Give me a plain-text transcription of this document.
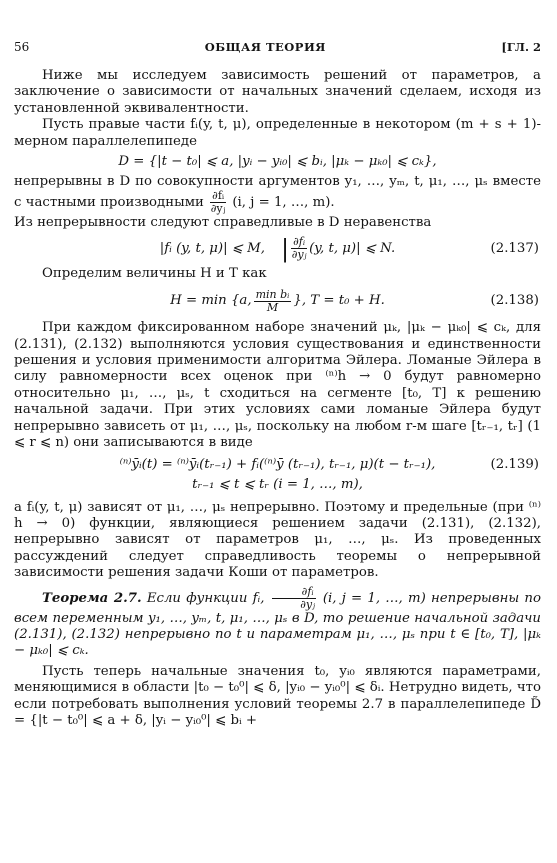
56	ОБЩАЯ ТЕОРИЯ	[ГЛ. 2

Ниже мы исследуем зависимость решений от параметров, а заключение о зависимости от начальных значений сделаем, исходя из установленной эквивалентности.

Пусть правые части fᵢ(y, t, μ), определенные в некотором (m + s + 1)-мерном параллелепипеде

D = {|t − t₀| ⩽ a, |yᵢ − yᵢ₀| ⩽ bᵢ, |μₖ − μₖ₀| ⩽ cₖ},

непрерывны в D по совокупности аргументов y₁, …, yₘ, t, μ₁, …, μₛ вместе с частными производными $\frac{\text{∂fᵢ}}{\text{∂yⱼ}} (i$, j = 1, …, m).

Из непрерывности следуют справедливые в D неравенства

|fᵢ (y, t, μ)| ⩽ M, | $\frac{\text{∂fᵢ}}{\text{∂yⱼ}} (y$, t, μ)| ⩽ N.	(2.137)

Определим величины H и T как

H = min {a, $\frac{\text{min bᵢ}}{M}$ }, T = t₀ + H.	(2.138)

При каждом фиксированном наборе значений μₖ, |μₖ − μₖ₀| ⩽ cₖ, для (2.131), (2.132) выполняются условия существования и единственности решения и условия применимости алгоритма Эйлера. Ломаные Эйлера в силу равномерности всех оценок при ⁽ⁿ⁾h → 0 будут равномерно относительно μ₁, …, μₛ, t сходиться на сегменте [t₀, T] к решению начальной задачи. При этих условиях сами ломаные Эйлера будут непрерывно зависеть от μ₁, …, μₛ, поскольку на любом r-м шаге [tᵣ₋₁, tᵣ] (1 ⩽ r ⩽ n) они записываются в виде

⁽ⁿ⁾ȳᵢ(t) = ⁽ⁿ⁾ȳᵢ(tᵣ₋₁) + fᵢ(⁽ⁿ⁾ȳ (tᵣ₋₁), tᵣ₋₁, μ)(t − tᵣ₋₁),	(2.139)
tᵣ₋₁ ⩽ t ⩽ tᵣ (i = 1, …, m),

а fᵢ(y, t, μ) зависят от μ₁, …, μₛ непрерывно. Поэтому и предельные (при ⁽ⁿ⁾h → 0) функции, являющиеся решением задачи (2.131), (2.132), непрерывно зависят от параметров μ₁, …, μₛ. Из проведенных рассуждений следует справедливость теоремы о непрерывной зависимости решения задачи Коши от параметров.

Теорема 2.7. Если функции fᵢ, $\frac{\text{∂fᵢ}}{\text{∂yⱼ}} (i$, j = 1, …, m) непрерывны по всем переменным y₁, …, yₘ, t, μ₁, …, μₛ в D, то решение начальной задачи (2.131), (2.132) непрерывно по t и параметрам μ₁, …, μₛ при t ∈ [t₀, T], |μₖ − μₖ₀| ⩽ cₖ.

Пусть теперь начальные значения t₀, yᵢ₀ являются параметрами, меняющимися в области |t₀ − t₀⁰| ⩽ δ, |yᵢ₀ − yᵢ₀⁰| ⩽ δᵢ. Нетрудно видеть, что если потребовать выполнения условий теоремы 2.7 в параллелепипеде D̃ = {|t − t₀⁰| ⩽ a + δ, |yᵢ − yᵢ₀⁰| ⩽ bᵢ +
